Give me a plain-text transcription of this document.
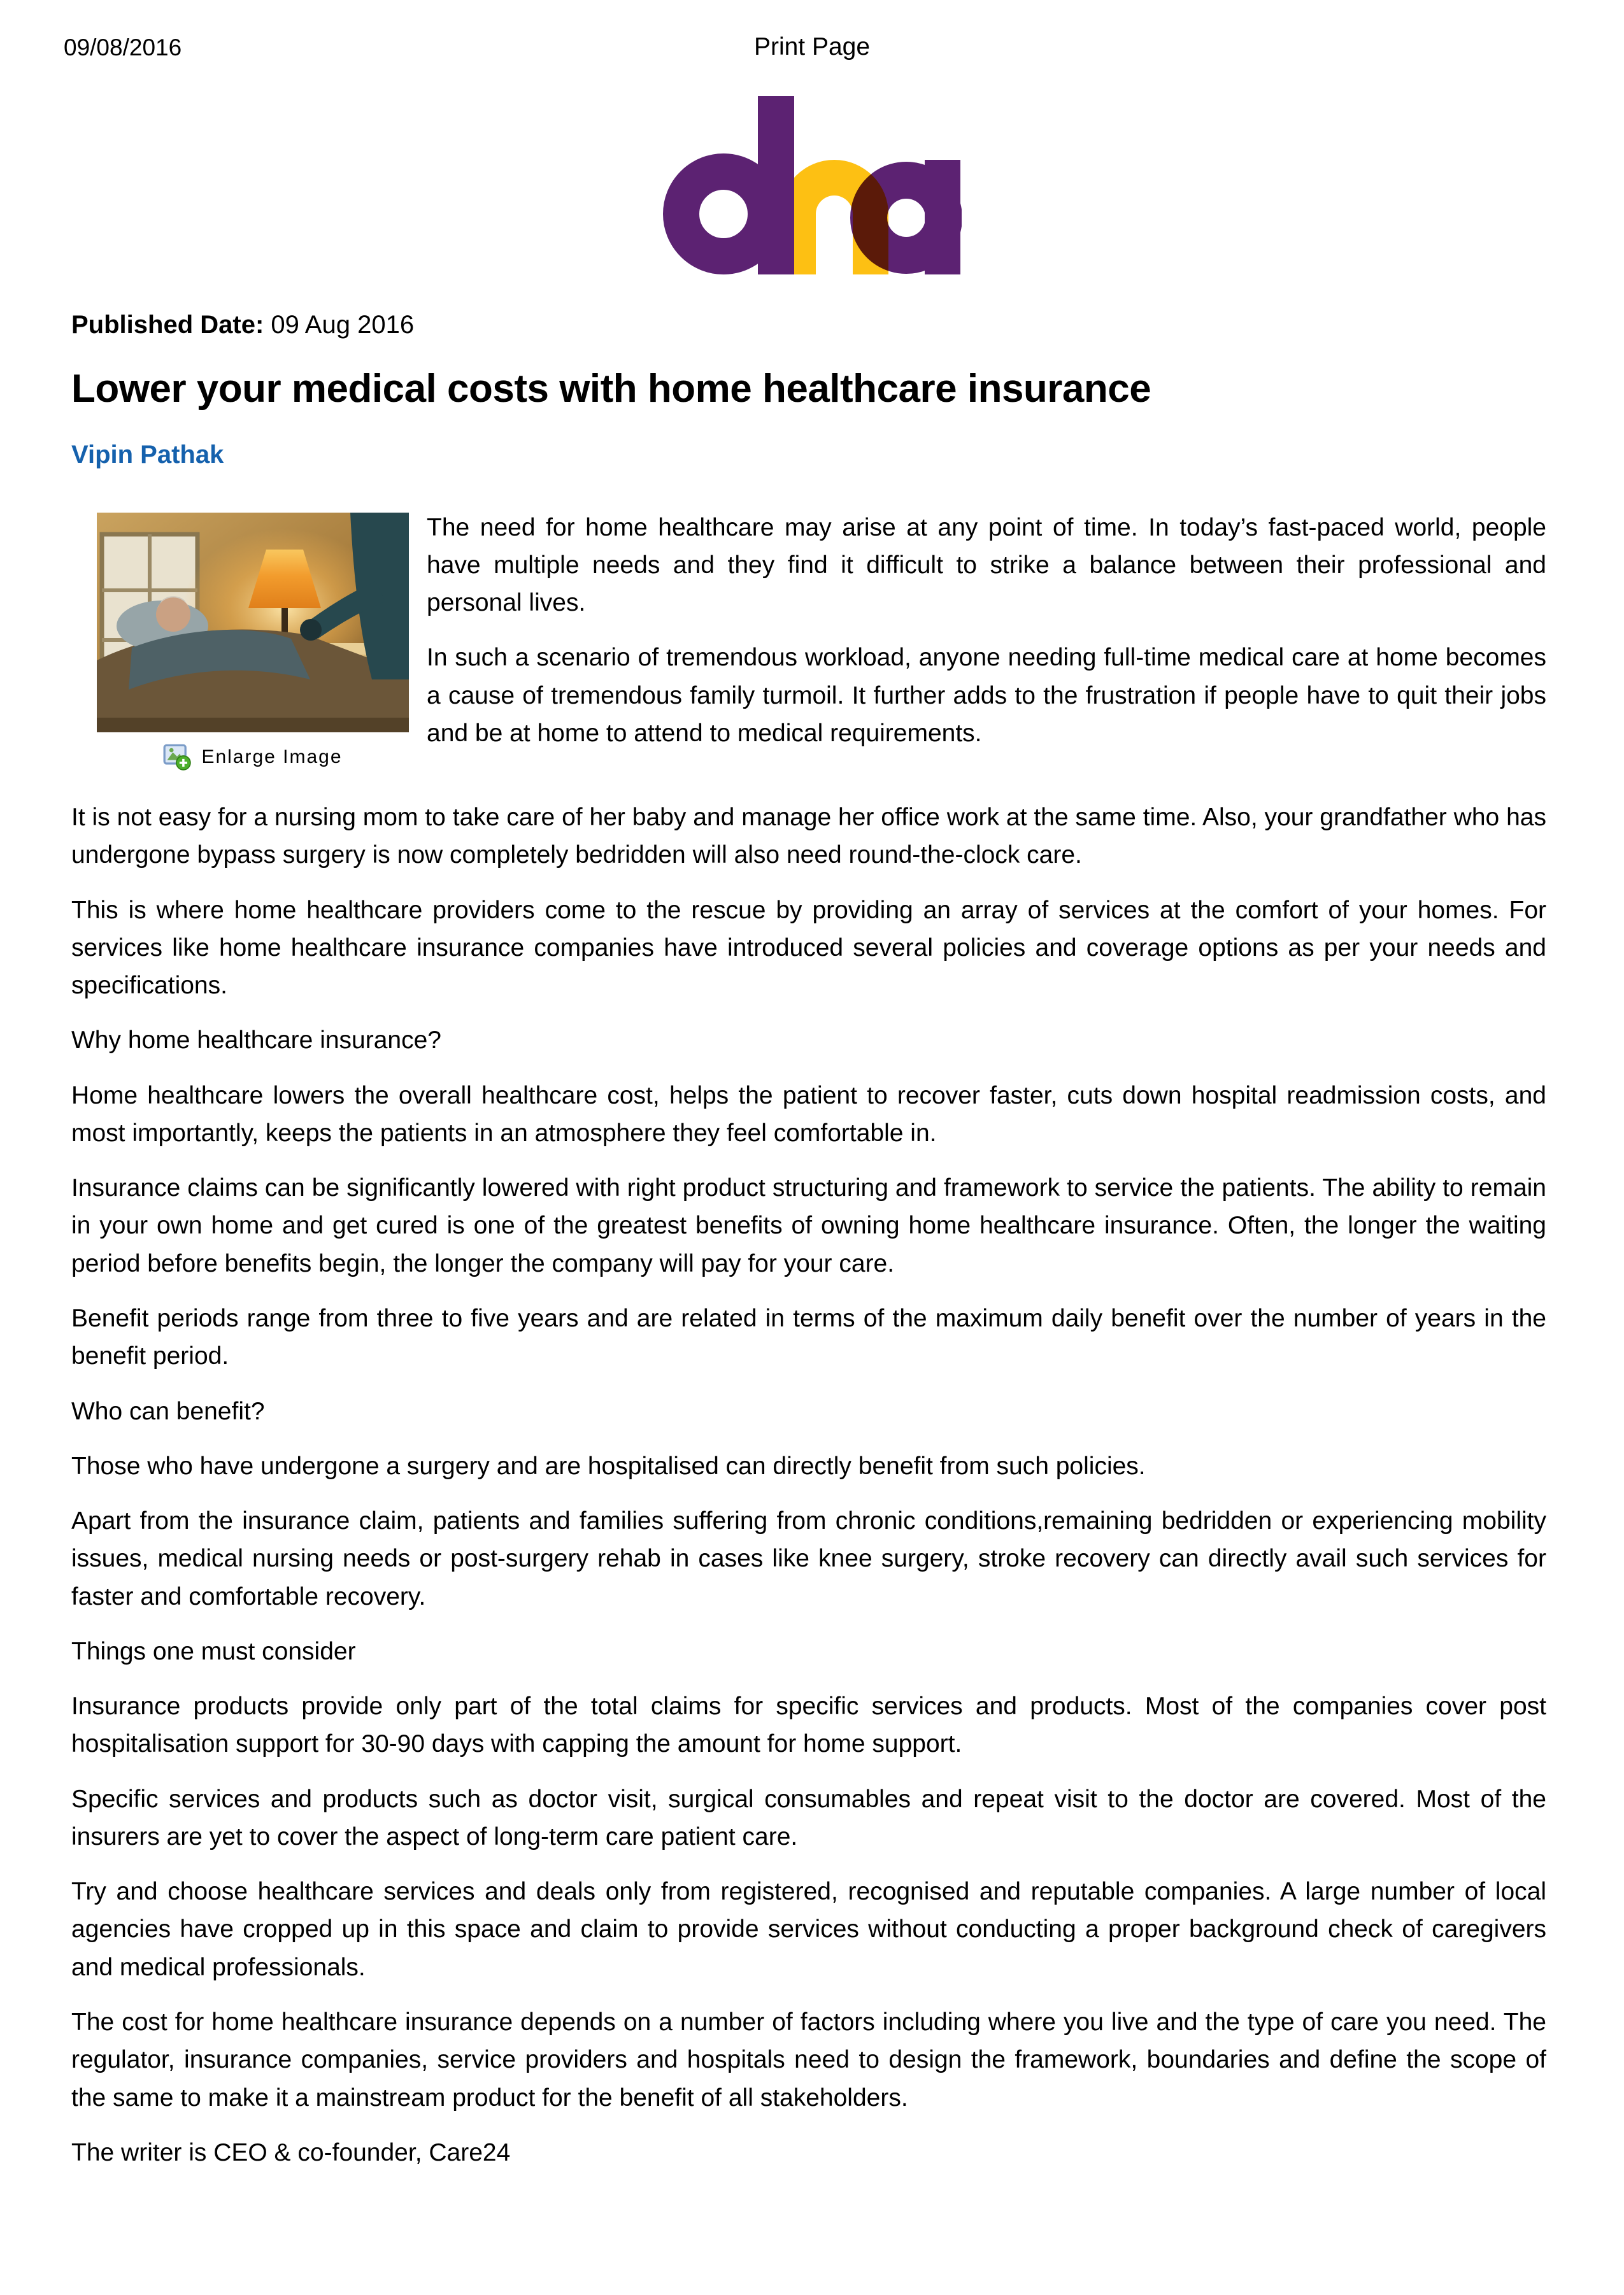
09/08/2016	Print Page
Published Date: 09 Aug 2016
Lower your medical costs with home healthcare insurance
Vipin Pathak
Enlarge Image

The need for home healthcare may arise at any point of time. In today’s fast-paced world, people have multiple needs and they find it difficult to strike a balance between their professional and personal lives.

In such a scenario of tremendous workload, anyone needing full-time medical care at home becomes a cause of tremendous family turmoil. It further adds to the frustration if people have to quit their jobs and be at home to attend to medical requirements.

It is not easy for a nursing mom to take care of her baby and manage her office work at the same time. Also, your grandfather who has undergone bypass surgery is now completely bedridden will also need round-the-clock care.

This is where home healthcare providers come to the rescue by providing an array of services at the comfort of your homes. For services like home healthcare insurance companies have introduced several policies and coverage options as per your needs and specifications.

Why home healthcare insurance?

Home healthcare lowers the overall healthcare cost, helps the patient to recover faster, cuts down hospital readmission costs, and most importantly, keeps the patients in an atmosphere they feel comfortable in.

Insurance claims can be significantly lowered with right product structuring and framework to service the patients. The ability to remain in your own home and get cured is one of the greatest benefits of owning home healthcare insurance. Often, the longer the waiting period before benefits begin, the longer the company will pay for your care.

Benefit periods range from three to five years and are related in terms of the maximum daily benefit over the number of years in the benefit period.

Who can benefit?

Those who have undergone a surgery and are hospitalised can directly benefit from such policies.

Apart from the insurance claim, patients and families suffering from chronic conditions,remaining bedridden or experiencing mobility issues, medical nursing needs or post-surgery rehab in cases like knee surgery, stroke recovery can directly avail such services for faster and comfortable recovery.

Things one must consider

Insurance products provide only part of the total claims for specific services and products. Most of the companies cover post hospitalisation support for 30-90 days with capping the amount for home support.

Specific services and products such as doctor visit, surgical consumables and repeat visit to the doctor are covered. Most of the insurers are yet to cover the aspect of long-term care patient care.

Try and choose healthcare services and deals only from registered, recognised and reputable companies. A large number of local agencies have cropped up in this space and claim to provide services without conducting a proper background check of caregivers and medical professionals.

The cost for home healthcare insurance depends on a number of factors including where you live and the type of care you need. The regulator, insurance companies, service providers and hospitals need to design the framework, boundaries and define the scope of the same to make it a mainstream product for the benefit of all stakeholders.

The writer is CEO & co-founder, Care24
